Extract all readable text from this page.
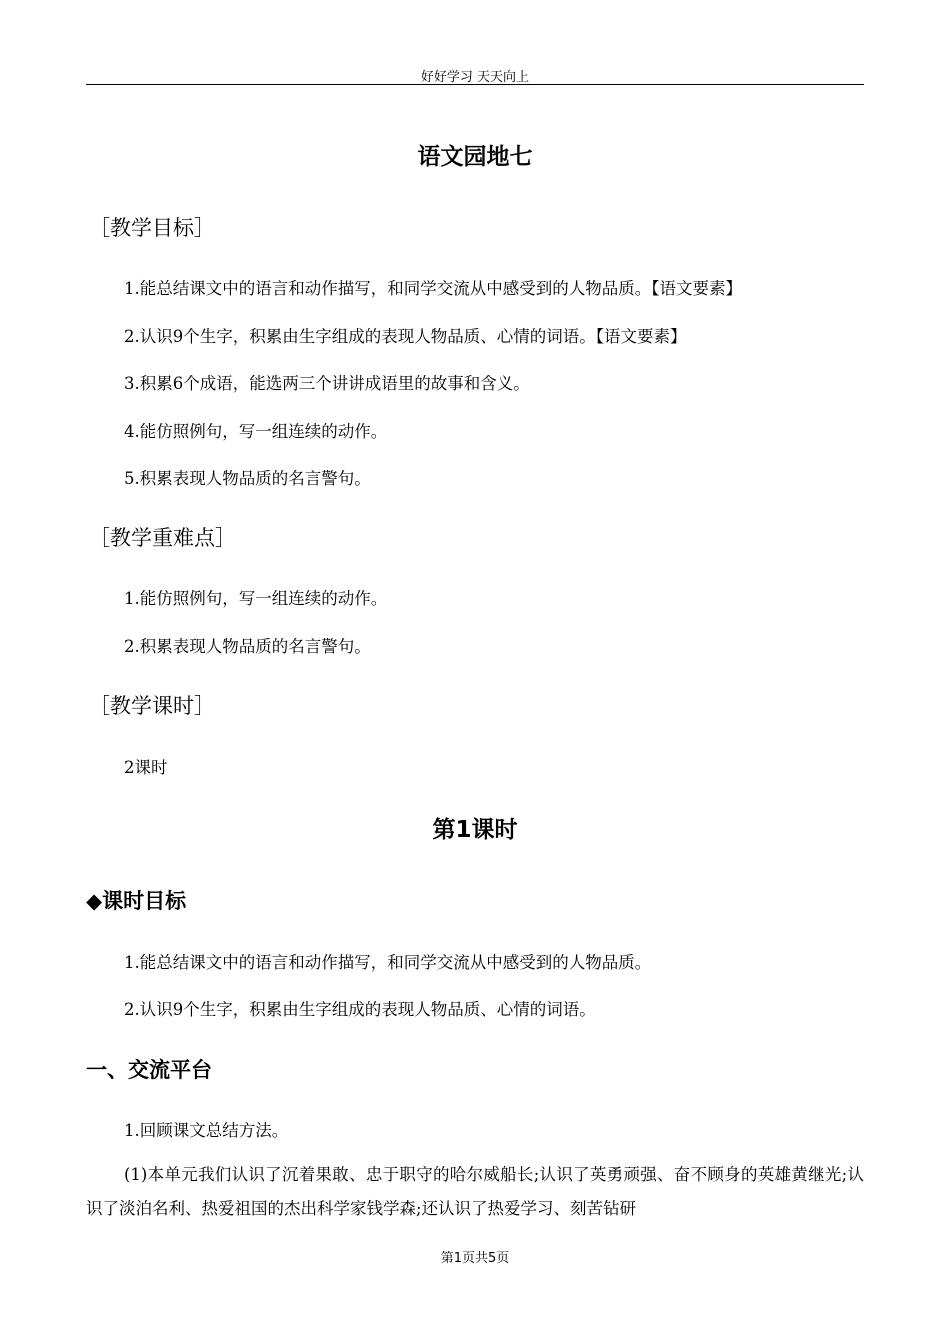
好好学习 天天向上
语文园地七
［教学目标］
1.能总结课文中的语言和动作描写，和同学交流从中感受到的人物品质。【语文要素】
2.认识9个生字，积累由生字组成的表现人物品质、心情的词语。【语文要素】
3.积累6个成语，能选两三个讲讲成语里的故事和含义。
4.能仿照例句，写一组连续的动作。
5.积累表现人物品质的名言警句。
［教学重难点］
1.能仿照例句，写一组连续的动作。
2.积累表现人物品质的名言警句。
［教学课时］
2课时
第1课时
◆课时目标
1.能总结课文中的语言和动作描写，和同学交流从中感受到的人物品质。
2.认识9个生字，积累由生字组成的表现人物品质、心情的词语。
一、交流平台
1.回顾课文总结方法。
(1)本单元我们认识了沉着果敢、忠于职守的哈尔威船长;认识了英勇顽强、奋不顾身的英雄黄继光;认识了淡泊名利、热爱祖国的杰出科学家钱学森;还认识了热爱学习、刻苦钻研
第1页共5页
